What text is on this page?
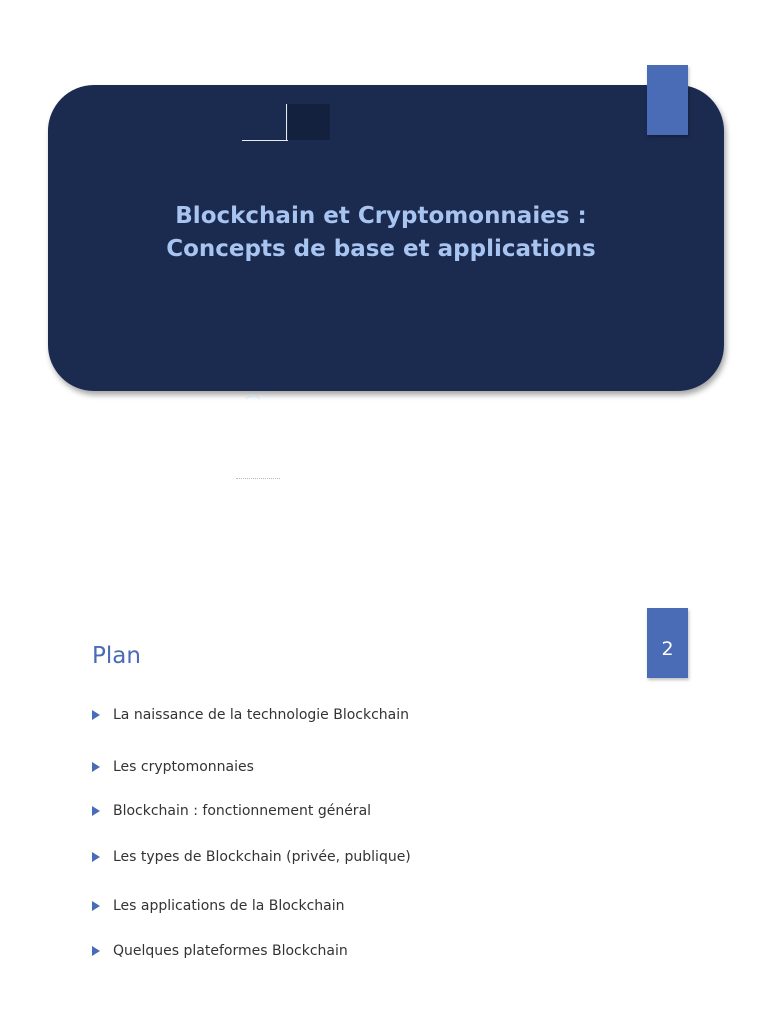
Blockchain et Cryptomonnaies :
Concepts de base et applications
2
Plan
La naissance de la technologie Blockchain
Les cryptomonnaies
Blockchain : fonctionnement général
Les types de Blockchain (privée, publique)
Les applications de la Blockchain
Quelques plateformes Blockchain
